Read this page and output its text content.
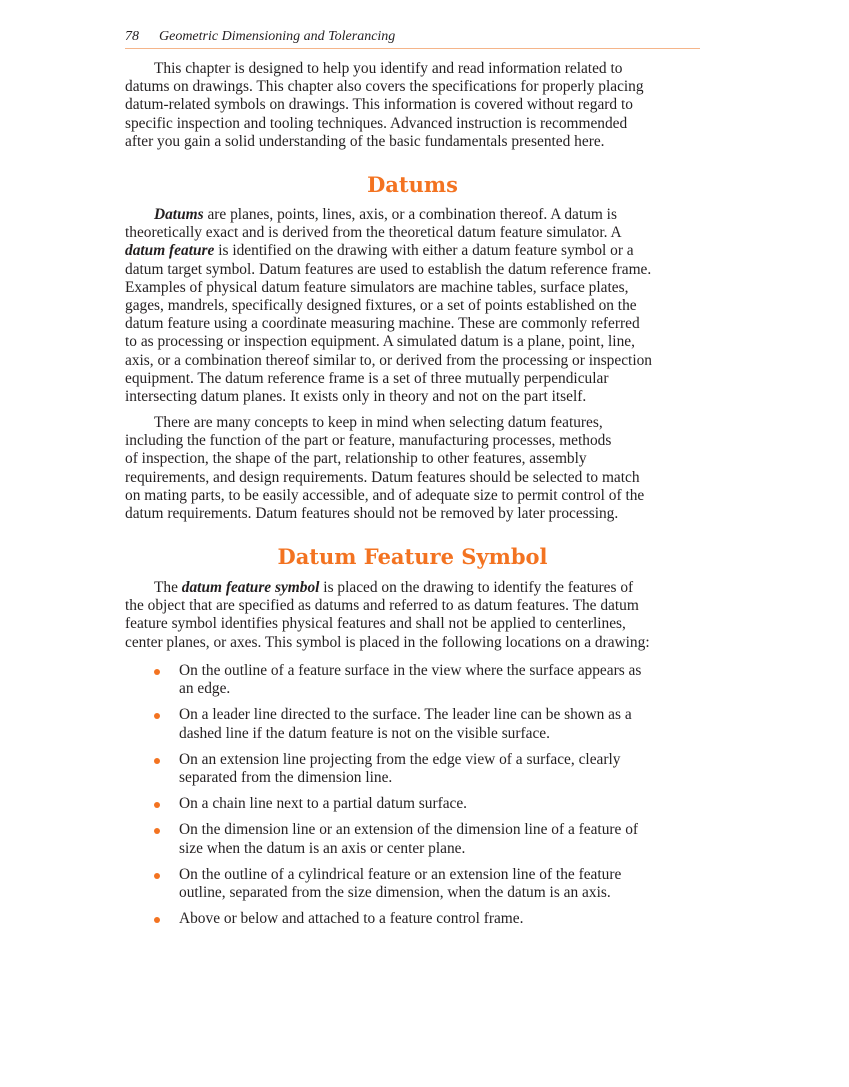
78 Geometric Dimensioning and Tolerancing
This chapter is designed to help you identify and read information related to
datums on drawings. This chapter also covers the specifications for properly placing
datum-related symbols on drawings. This information is covered without regard to
specific inspection and tooling techniques. Advanced instruction is recommended
after you gain a solid understanding of the basic fundamentals presented here.
Datums
Datums are planes, points, lines, axis, or a combination thereof. A datum is
theoretically exact and is derived from the theoretical datum feature simulator. A
datum feature is identified on the drawing with either a datum feature symbol or a
datum target symbol. Datum features are used to establish the datum reference frame.
Examples of physical datum feature simulators are machine tables, surface plates,
gages, mandrels, specifically designed fixtures, or a set of points established on the
datum feature using a coordinate measuring machine. These are commonly referred
to as processing or inspection equipment. A simulated datum is a plane, point, line,
axis, or a combination thereof similar to, or derived from the processing or inspection
equipment. The datum reference frame is a set of three mutually perpendicular
intersecting datum planes. It exists only in theory and not on the part itself.
There are many concepts to keep in mind when selecting datum features,
including the function of the part or feature, manufacturing processes, methods
of inspection, the shape of the part, relationship to other features, assembly
requirements, and design requirements. Datum features should be selected to match
on mating parts, to be easily accessible, and of adequate size to permit control of the
datum requirements. Datum features should not be removed by later processing.
Datum Feature Symbol
The datum feature symbol is placed on the drawing to identify the features of
the object that are specified as datums and referred to as datum features. The datum
feature symbol identifies physical features and shall not be applied to centerlines,
center planes, or axes. This symbol is placed in the following locations on a drawing:
On the outline of a feature surface in the view where the surface appears as
an edge.
On a leader line directed to the surface. The leader line can be shown as a
dashed line if the datum feature is not on the visible surface.
On an extension line projecting from the edge view of a surface, clearly
separated from the dimension line.
On a chain line next to a partial datum surface.
On the dimension line or an extension of the dimension line of a feature of
size when the datum is an axis or center plane.
On the outline of a cylindrical feature or an extension line of the feature
outline, separated from the size dimension, when the datum is an axis.
Above or below and attached to a feature control frame.
